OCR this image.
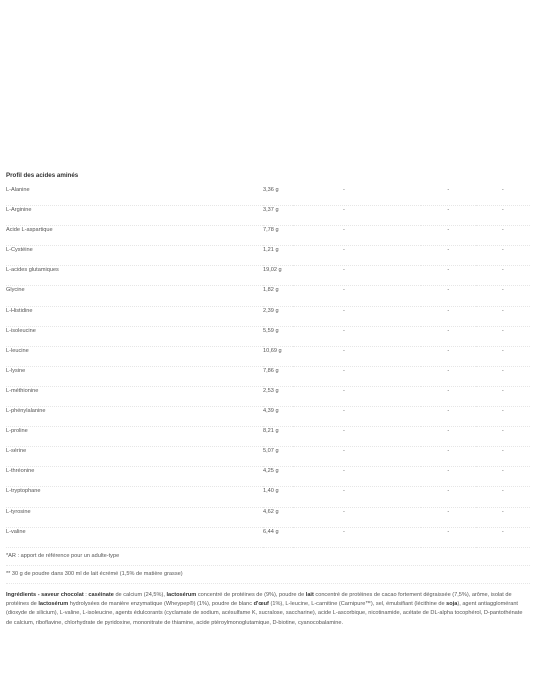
Profil des acides aminés
L-Alanine	3,36 g	-	-	-
L-Arginine	3,37 g	-	-	-
Acide L-aspartique	7,78 g	-	-	-
L-Cystéine	1,21 g	-	-	-
L-acides glutamiques	19,02 g	-	-	-
Glycine	1,82 g	-	-	-
L-Histidine	2,39 g	-	-	-
L-isoleucine	5,59 g	-	-	-
L-leucine	10,69 g	-	-	-
L-lysine	7,86 g	-	-	-
L-méthionine	2,53 g	-	-	-
L-phénylalanine	4,39 g	-	-	-
L-proline	8,21 g	-	-	-
L-sérine	5,07 g	-	-	-
L-thréonine	4,25 g	-	-	-
L-tryptophane	1,40 g	-	-	-
L-tyrosine	4,62 g	-	-	-
L-valine	6,44 g	-	-	-
*AR : apport de référence pour un adulte-type
** 30 g de poudre dans 300 ml de lait écrémé (1,5% de matière grasse)
Ingrédients - saveur chocolat : caséinate de calcium (24,5%), lactosérum concentré de protéines de (9%), poudre de lait concentré de protéines de cacao fortement dégraissée (7,5%), arôme, isolat de protéines de lactosérum hydrolysées de manière enzymatique (Wheypep®) (1%), poudre de blanc d'œuf (1%), L-leucine, L-carnitine (Carnipure™), sel, émulsifiant (lécithine de soja), agent antiagglomérant (dioxyde de silicium), L-valine, L-isoleucine, agents édulcorants (cyclamate de sodium, acésulfame K, sucralose, saccharine), acide L-ascorbique, nicotinamide, acétate de DL-alpha tocophérol, D-pantothénate de calcium, riboflavine, chlorhydrate de pyridoxine, mononitrate de thiamine, acide ptéroylmonoglutamique, D-biotine, cyanocobalamine.
